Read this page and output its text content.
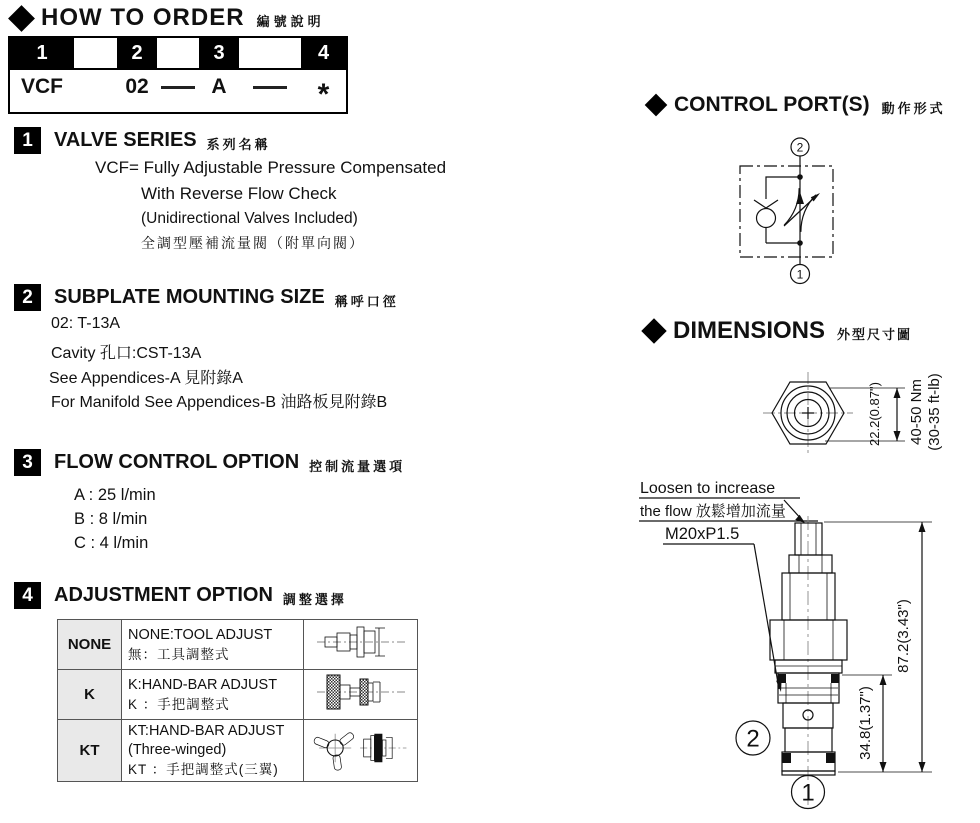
HOW TO ORDER 編號說明
1	2	3	4
VCF	02	A	*
1	VALVE SERIES 系列名稱
VCF= Fully Adjustable Pressure Compensated
With Reverse Flow Check
(Unidirectional Valves Included)
全調型壓補流量閥（附單向閥）
2	SUBPLATE MOUNTING SIZE 稱呼口徑
02: T-13A
Cavity 孔口:CST-13A
See Appendices-A 見附錄A
For Manifold See Appendices-B 油路板見附錄B
3	FLOW CONTROL OPTION 控制流量選項
A : 25 l/min
B : 8 l/min
C : 4 l/min
4	ADJUSTMENT OPTION 調整選擇
NONE	NONE:TOOL ADJUST
無：工具調整式

K	K:HAND-BAR ADJUST
K ：手把調整式

KT	KT:HAND-BAR ADJUST
(Three-winged)
KT ：手把調整式(三翼)

CONTROL PORT(S) 動作形式
2
1
DIMENSIONS 外型尺寸圖
22.2(0.87") 40-50 Nm (30-35 ft-lb)
Loosen to increase
the flow 放鬆增加流量
2
1
M20xP1.5
34.8(1.37")
87.2(3.43")
